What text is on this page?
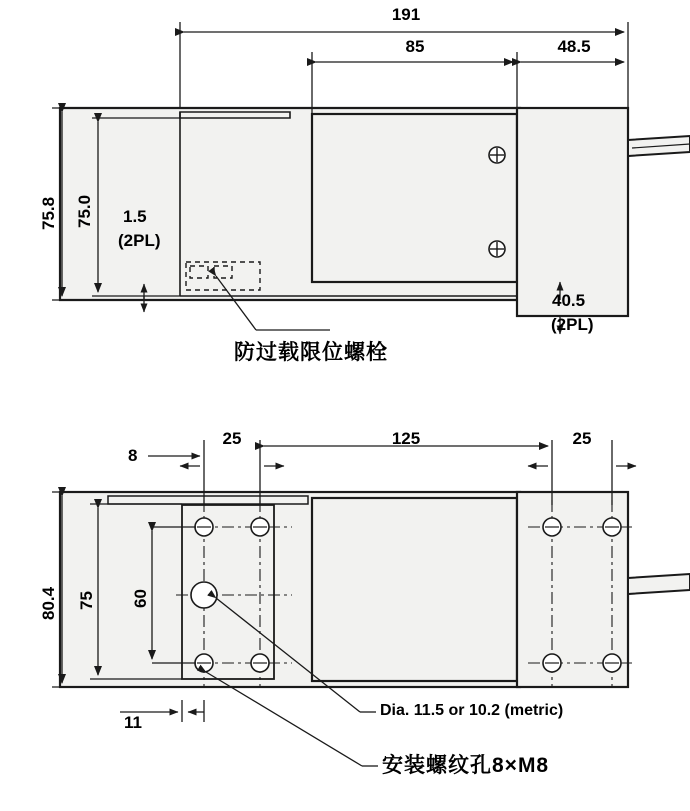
191
85	48.5
75.8 75.0 1.5
(2PL)
40.5
(2PL)
防过载限位螺栓
25
8
125	25
80.4 75 60
11
Dia. 11.5 or 10.2 (metric)
安装螺纹孔8×M8
